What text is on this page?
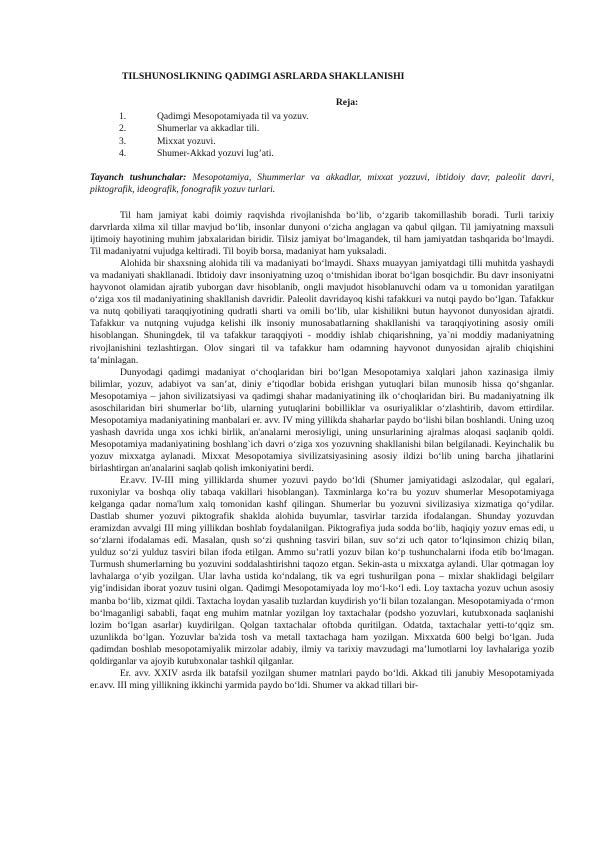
TILSHUNOSLIKNING QADIMGI ASRLARDA SHAKLLANISHI
Reja:
1.	Qadimgi Mesopotamiyada til va yozuv.
2.	Shumerlar va akkadlar tili.
3.	Mixxat yozuvi.
4.	Shumer-Akkad yozuvi lug’ati.
Tayanch tushunchalar: Mesopotamiya, Shummerlar va akkadlar, mixxat yozzuvi, ibtidoiy davr, paleolit davri, piktografik, ideografik, fonografik yozuv turlari.

Til ham jamiyat kabi doimiy raqvishda rivojlanishda bo‘lib, o‘zgarib takomillashib boradi. Turli tarixiy darvrlarda xilma xil tillar mavjud bo‘lib, insonlar dunyoni o‘zicha anglagan va qabul qilgan. Til jamiyatning maxsuli ijtimoiy hayotining muhim jabxalaridan biridir. Tilsiz jamiyat bo‘lmagandek, til ham jamiyatdan tashqarida bo‘lmaydi. Til madaniyatni vujudga keltiradi. Til boyib borsa, madaniyat ham yuksaladi.

Alohida bir shaxsning alohida tili va madaniyati bo‘lmaydi. Shaxs muayyan jamiyatdagi tilli muhitda yashaydi va madaniyati shakllanadi. Ibtidoiy davr insoniyatning uzoq o‘tmishidan iborat bo‘lgan bosqichdir. Bu davr insoniyatni hayvonot olamidan ajratib yuborgan davr hisoblanib, ongli mavjudot hisoblanuvchi odam va u tomonidan yaratilgan o‘ziga xos til madaniyatining shakllanish davridir. Paleolit davridayoq kishi tafakkuri va nutqi paydo bo‘lgan. Tafakkur va nutq qobiliyati taraqqiyotining qudratli sharti va omili bo‘lib, ular kishilikni butun hayvonot dunyosidan ajratdi. Tafakkur va nutqning vujudga kelishi ilk insoniy munosabatlarning shakllanishi va taraqqiyotining asosiy omili hisoblangan. Shuningdek, til va tafakkur taraqqiyoti - moddiy ishlab chiqarishning, ya`ni moddiy madaniyatning rivojlanishini tezlashtirgan. Olov singari til va tafakkur ham odamning hayvonot dunyosidan ajralib chiqishini ta’minlagan.

Dunyodagi qadimgi madaniyat o‘choqlaridan biri bo‘lgan Mesopotamiya xalqlari jahon xazinasiga ilmiy bilimlar, yozuv, adabiyot va san’at, diniy e’tiqodlar bobida erishgan yutuqlari bilan munosib hissa qo‘shganlar. Mesopotamiya – jahon sivilizatsiyasi va qadimgi shahar madaniyatining ilk o‘choqlaridan biri. Bu madaniyatning ilk asoschilaridan biri shumerlar bo‘lib, ularning yutuqlarini bobilliklar va osuriyaliklar o‘zlashtirib, davom ettirdilar. Mesopotamiya madaniyatining manbalari er. avv. IV ming yillikda shaharlar paydo bo‘lishi bilan boshlandi. Uning uzoq yashash davrida unga xos ichki birlik, an'analarni merosiyligi, uning unsurlarining ajralmas aloqasi saqlanib qoldi. Mesopotamiya madaniyatining boshlang`ich davri o‘ziga xos yozuvning shakllanishi bilan belgilanadi. Keyinchalik bu yozuv mixxatga aylanadi. Mixxat Mesopotamiya sivilizatsiyasining asosiy ildizi bo‘lib uning barcha jihatlarini birlashtirgan an'analarini saqlab qolish imkoniyatini berdi.

Er.avv. IV-III ming yilliklarda shumer yozuvi paydo bo‘ldi (Shumer jamiyatidagi aslzodalar, qul egalari, ruxoniylar va boshqa oliy tabaqa vakillari hisoblangan). Taxminlarga ko‘ra bu yozuv shumerlar Mesopotamiyaga kelganga qadar noma'lum xalq tomonidan kashf qilingan. Shumerlar bu yozuvni sivilizasiya xizmatiga qo‘ydilar. Dastlab shumer yozuvi piktografik shaklda alohida buyumlar, tasvirlar tarzida ifodalangan. Shunday yozuvdan eramizdan avvalgi III ming yillikdan boshlab foydalanilgan. Piktografiya juda sodda bo‘lib, haqiqiy yozuv emas edi, u so‘zlarni ifodalamas edi. Masalan, qush so‘zi qushning tasviri bilan, suv so‘zi uch qator to‘lqinsimon chiziq bilan, yulduz so‘zi yulduz tasviri bilan ifoda etilgan. Ammo su’ratli yozuv bilan ko‘p tushunchalarni ifoda etib bo‘lmagan. Turmush shumerlarning bu yozuvini soddalashtirishni taqozo etgan. Sekin-asta u mixxatga aylandi. Ular qotmagan loy lavhalarga o‘yib yozilgan. Ular lavha ustida ko‘ndalang, tik va egri tushurilgan pona – mixlar shaklidagi belgilarr yig’indisidan iborat yozuv tusini olgan. Qadimgi Mesopotamiyada loy mo‘l-ko‘l edi. Loy taxtacha yozuv uchun asosiy manba bo‘lib, xizmat qildi. Taxtacha loydan yasalib tuzlardan kuydirish yo‘li bilan tozalangan. Mesopotamiyada o‘rmon bo‘lmaganligi sababli, faqat eng muhim matnlar yozilgan loy taxtachalar (podsho yozuvlari, kutubxonada saqlanishi lozim bo‘lgan asarlar) kuydirilgan. Qolgan taxtachalar oftobda quritilgan. Odatda, taxtachalar yetti-to‘qqiz sm. uzunlikda bo‘lgan. Yozuvlar ba'zida tosh va metall taxtachaga ham yozilgan. Mixxatda 600 belgi bo‘lgan. Juda qadimdan boshlab mesopotamiyalik mirzolar adabiy, ilmiy va tarixiy mavzudagi ma’lumotlarni loy lavhalariga yozib qoldirganlar va ajoyib kutubxonalar tashkil qilganlar.

Er. avv. XXIV asrda ilk batafsil yozilgan shumer matnlari paydo bo‘ldi. Akkad tili janubiy Mesopotamiyada er.avv. III ming yillikning ikkinchi yarmida paydo bo‘ldi. Shumer va akkad tillari bir-
